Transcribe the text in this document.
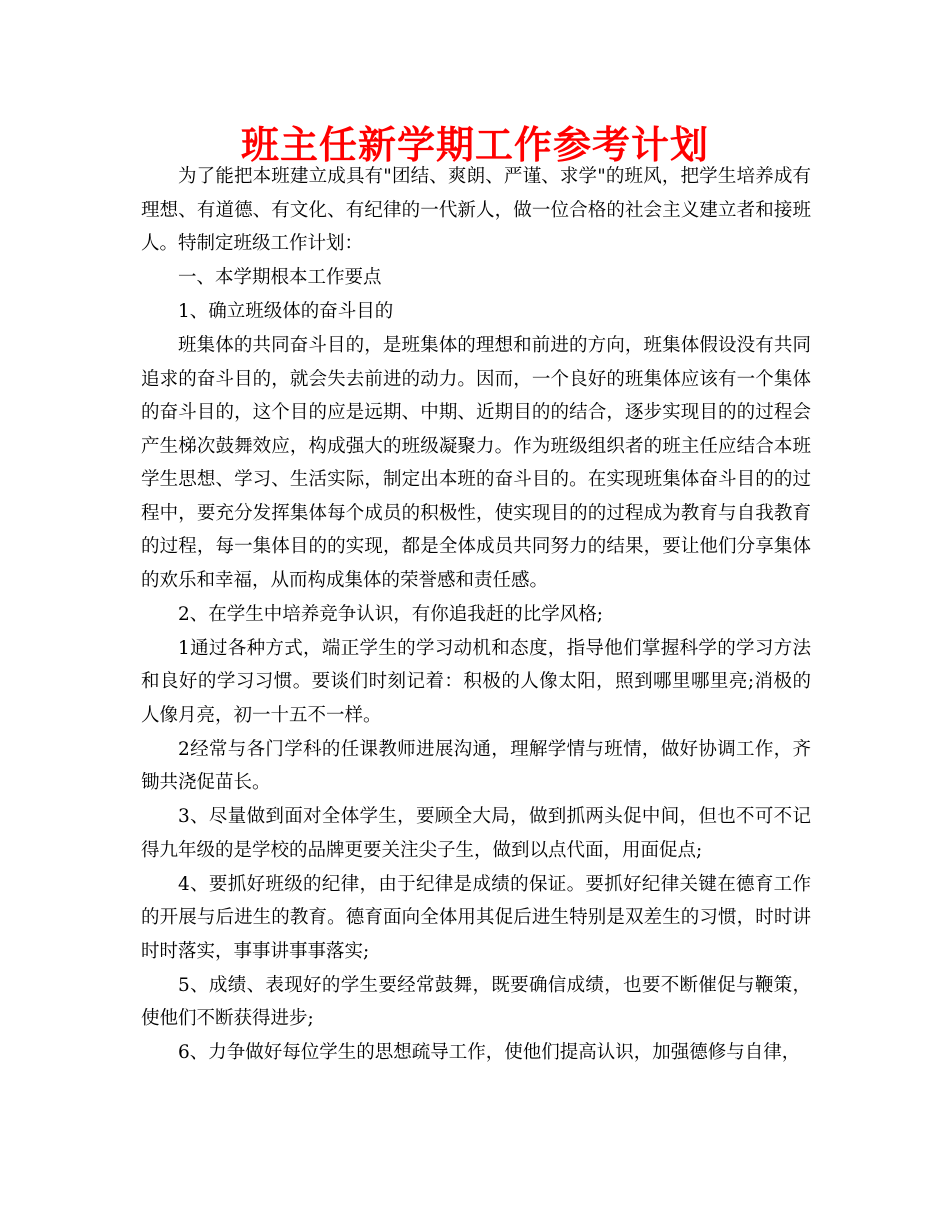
班主任新学期工作参考计划

为了能把本班建立成具有"团结、爽朗、严谨、求学"的班风，把学生培养成有理想、有道德、有文化、有纪律的一代新人，做一位合格的社会主义建立者和接班人。特制定班级工作计划：

一、本学期根本工作要点

1、确立班级体的奋斗目的

班集体的共同奋斗目的，是班集体的理想和前进的方向，班集体假设没有共同追求的奋斗目的，就会失去前进的动力。因而，一个良好的班集体应该有一个集体的奋斗目的，这个目的应是远期、中期、近期目的的结合，逐步实现目的的过程会产生梯次鼓舞效应，构成强大的班级凝聚力。作为班级组织者的班主任应结合本班学生思想、学习、生活实际，制定出本班的奋斗目的。在实现班集体奋斗目的的过程中，要充分发挥集体每个成员的积极性，使实现目的的过程成为教育与自我教育的过程，每一集体目的的实现，都是全体成员共同努力的结果，要让他们分享集体的欢乐和幸福，从而构成集体的荣誉感和责任感。

2、在学生中培养竞争认识，有你追我赶的比学风格;

1通过各种方式，端正学生的学习动机和态度，指导他们掌握科学的学习方法和良好的学习习惯。要谈们时刻记着：积极的人像太阳，照到哪里哪里亮;消极的人像月亮，初一十五不一样。

2经常与各门学科的任课教师进展沟通，理解学情与班情，做好协调工作，齐锄共浇促苗长。

3、尽量做到面对全体学生，要顾全大局，做到抓两头促中间，但也不可不记得九年级的是学校的品牌更要关注尖子生，做到以点代面，用面促点;

4、要抓好班级的纪律，由于纪律是成绩的保证。要抓好纪律关键在德育工作的开展与后进生的教育。德育面向全体用其促后进生特别是双差生的习惯，时时讲时时落实，事事讲事事落实;

5、成绩、表现好的学生要经常鼓舞，既要确信成绩，也要不断催促与鞭策，使他们不断获得进步;

6、力争做好每位学生的思想疏导工作，使他们提高认识，加强德修与自律，
